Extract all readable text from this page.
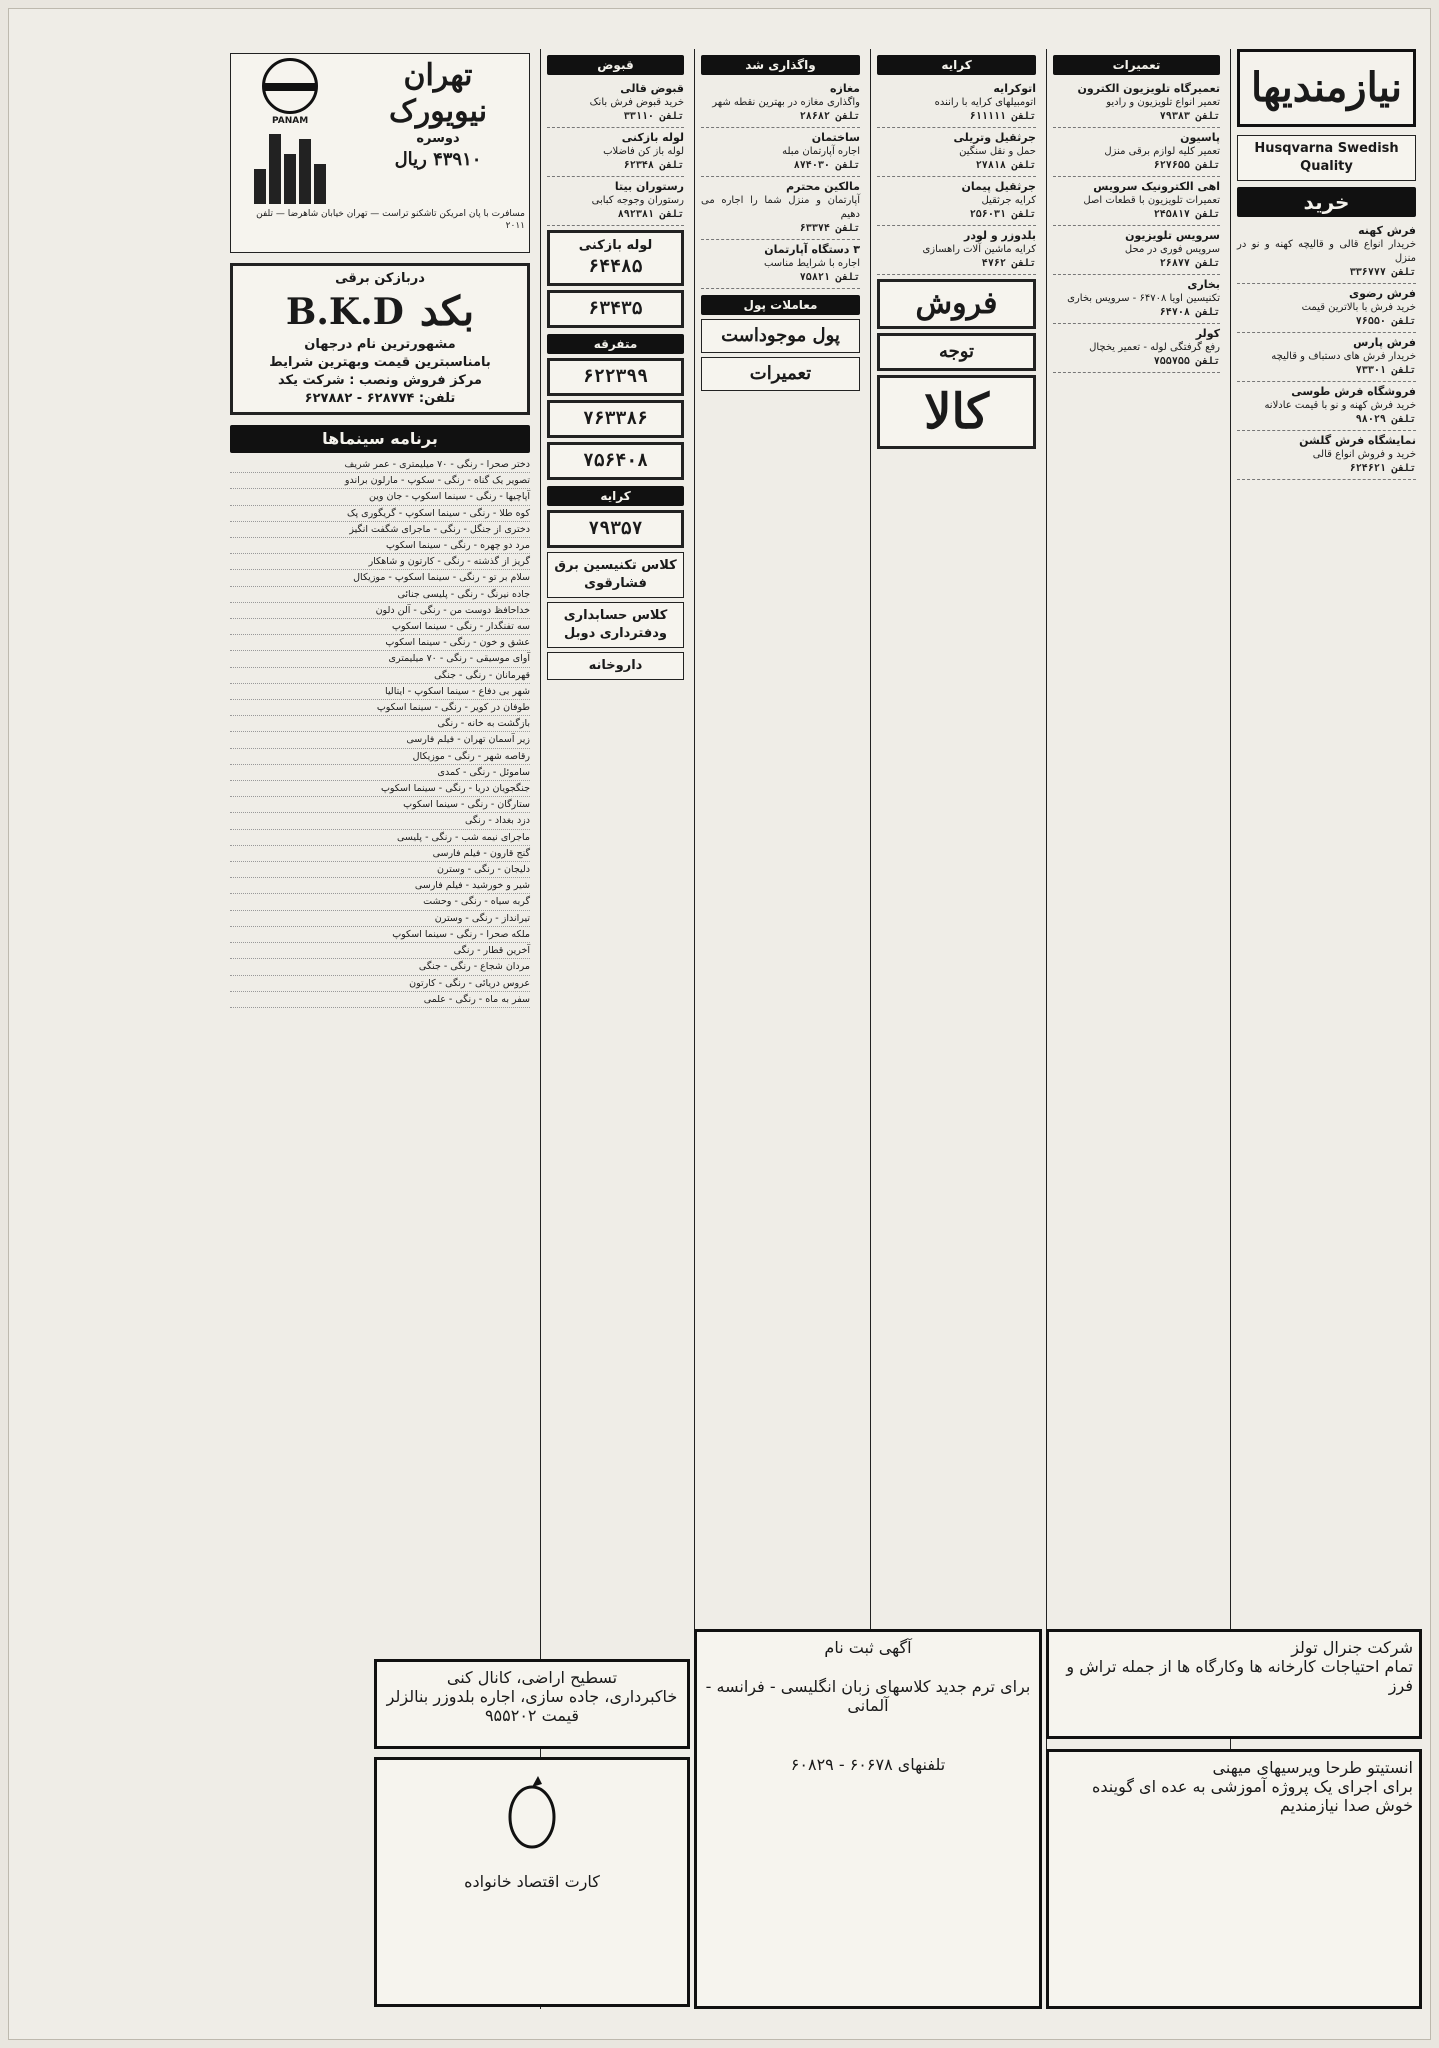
نیازمندیها
Husqvarna Swedish Quality
خرید
فرش کهنه
خریدار انواع قالی و قالیچه کهنه و نو در منزل
تلفن ۳۳۶۷۷۷
فرش رضوی
خرید فرش با بالاترین قیمت
تلفن ۷۶۵۵۰
فرش پارس
خریدار فرش های دستباف و قالیچه
تلفن ۷۳۳۰۱
فروشگاه فرش طوسی
خرید فرش کهنه و نو با قیمت عادلانه
تلفن ۹۸۰۲۹
نمایشگاه فرش گلشن
خرید و فروش انواع قالی
تلفن ۶۲۴۶۲۱
تعمیرات
تعمیرگاه تلویزیون الکترون
تعمیر انواع تلویزیون و رادیو
تلفن ۷۹۳۸۳
پاسیون
تعمیر کلیه لوازم برقی منزل
تلفن ۶۲۷۶۵۵
اهی الکترونیک سرویس
تعمیرات تلویزیون با قطعات اصل
تلفن ۲۴۵۸۱۷
سرویس تلویزیون
سرویس فوری در محل
تلفن ۲۶۸۷۷
بخاری
تکنیسین اویا ۶۴۷۰۸ - سرویس بخاری
تلفن ۶۴۷۰۸
کولر
رفع گرفتگی لوله - تعمیر یخچال
تلفن ۷۵۵۷۵۵
کرایه
اتوکرایه
اتومبیلهای کرایه با راننده
تلفن ۶۱۱۱۱۱
جرثقیل وتریلی
حمل و نقل سنگین
تلفن ۲۷۸۱۸
جرثقیل پیمان
کرایه جرثقیل
تلفن ۲۵۶۰۳۱
بلدوزر و لودر
کرایه ماشین آلات راهسازی
تلفن ۴۷۶۲
فروش
توجه
کالا
واگذاری شد
مغازه
واگذاری مغازه در بهترین نقطه شهر
تلفن ۲۸۶۸۲
ساختمان
اجاره آپارتمان مبله
تلفن ۸۷۴۰۳۰
مالکین محترم
آپارتمان و منزل شما را اجاره می دهیم
تلفن ۶۳۳۷۴
۳ دستگاه آپارتمان
اجاره با شرایط مناسب
تلفن ۷۵۸۲۱
معاملات پول
پول موجوداست
تعمیرات
قبوض
قبوض قالی
خرید قبوض فرش بانک
تلفن ۳۳۱۱۰
لوله بازکنی
لوله باز کن فاضلاب
تلفن ۶۲۳۴۸
رستوران بیتا
رستوران وجوجه کبابی
تلفن ۸۹۲۳۸۱
لوله بازکنی
۶۴۴۸۵
۶۳۴۳۵
متفرقه
۶۲۲۳۹۹
۷۶۳۳۸۶
۷۵۶۴۰۸
کرایه
۷۹۳۵۷
کلاس تکنیسین برق فشارقوی
کلاس حسابداری ودفترداری دوبل
داروخانه
تهران
نیویورک
دوسره
۴۳۹۱۰ ریال
PANAM
مسافرت با پان امریکن تاشکنو تراست — تهران خیابان شاهرضا — تلفن ۲۰۱۱
دربازکن برقی
بکد
B.K.D
مشهورترین نام درجهان
بامناسبترین قیمت وبهترین شرایط
مرکز فروش ونصب : شرکت یکد
تلفن: ۶۲۸۷۷۴ - ۶۲۷۸۸۲
برنامه سینماها
دختر صحرا - رنگی - ۷۰ میلیمتری - عمر شریف
تصویر یک گناه - رنگی - سکوپ - مارلون براندو
آپاچیها - رنگی - سینما اسکوپ - جان وین
کوه طلا - رنگی - سینما اسکوپ - گریگوری پک
دختری از جنگل - رنگی - ماجرای شگفت انگیز
مرد دو چهره - رنگی - سینما اسکوپ
گریز از گذشته - رنگی - کارتون و شاهکار
سلام بر تو - رنگی - سینما اسکوپ - موزیکال
جاده نیرنگ - رنگی - پلیسی جنائی
خداحافظ دوست من - رنگی - آلن دلون
سه تفنگدار - رنگی - سینما اسکوپ
عشق و خون - رنگی - سینما اسکوپ
آوای موسیقی - رنگی - ۷۰ میلیمتری
قهرمانان - رنگی - جنگی
شهر بی دفاع - سینما اسکوپ - ایتالیا
طوفان در کویر - رنگی - سینما اسکوپ
بازگشت به خانه - رنگی
زیر آسمان تهران - فیلم فارسی
رقاصه شهر - رنگی - موزیکال
ساموئل - رنگی - کمدی
جنگجویان دریا - رنگی - سینما اسکوپ
ستارگان - رنگی - سینما اسکوپ
دزد بغداد - رنگی
ماجرای نیمه شب - رنگی - پلیسی
گنج قارون - فیلم فارسی
دلیجان - رنگی - وسترن
شیر و خورشید - فیلم فارسی
گربه سیاه - رنگی - وحشت
تیرانداز - رنگی - وسترن
ملکه صحرا - رنگی - سینما اسکوپ
آخرین قطار - رنگی
مردان شجاع - رنگی - جنگی
عروس دریائی - رنگی - کارتون
سفر به ماه - رنگی - علمی
تسطیح اراضی، کانال کنی
خاکبرداری، جاده سازی، اجاره بلدوزر بنالزلر قیمت ۹۵۵۲۰۲
کارت اقتصاد خانواده
آگهی ثبت نام
برای ترم جدید کلاسهای زبان انگلیسی - فرانسه - آلمانی
تلفنهای ۶۰۶۷۸ - ۶۰۸۲۹
شرکت جنرال تولز
تمام احتیاجات کارخانه ها وکارگاه ها از جمله تراش و فرز
انستیتو طرحا ویرسیهای میهنی
برای اجرای یک پروژه آموزشی به عده ای گوینده خوش صدا نیازمندیم
